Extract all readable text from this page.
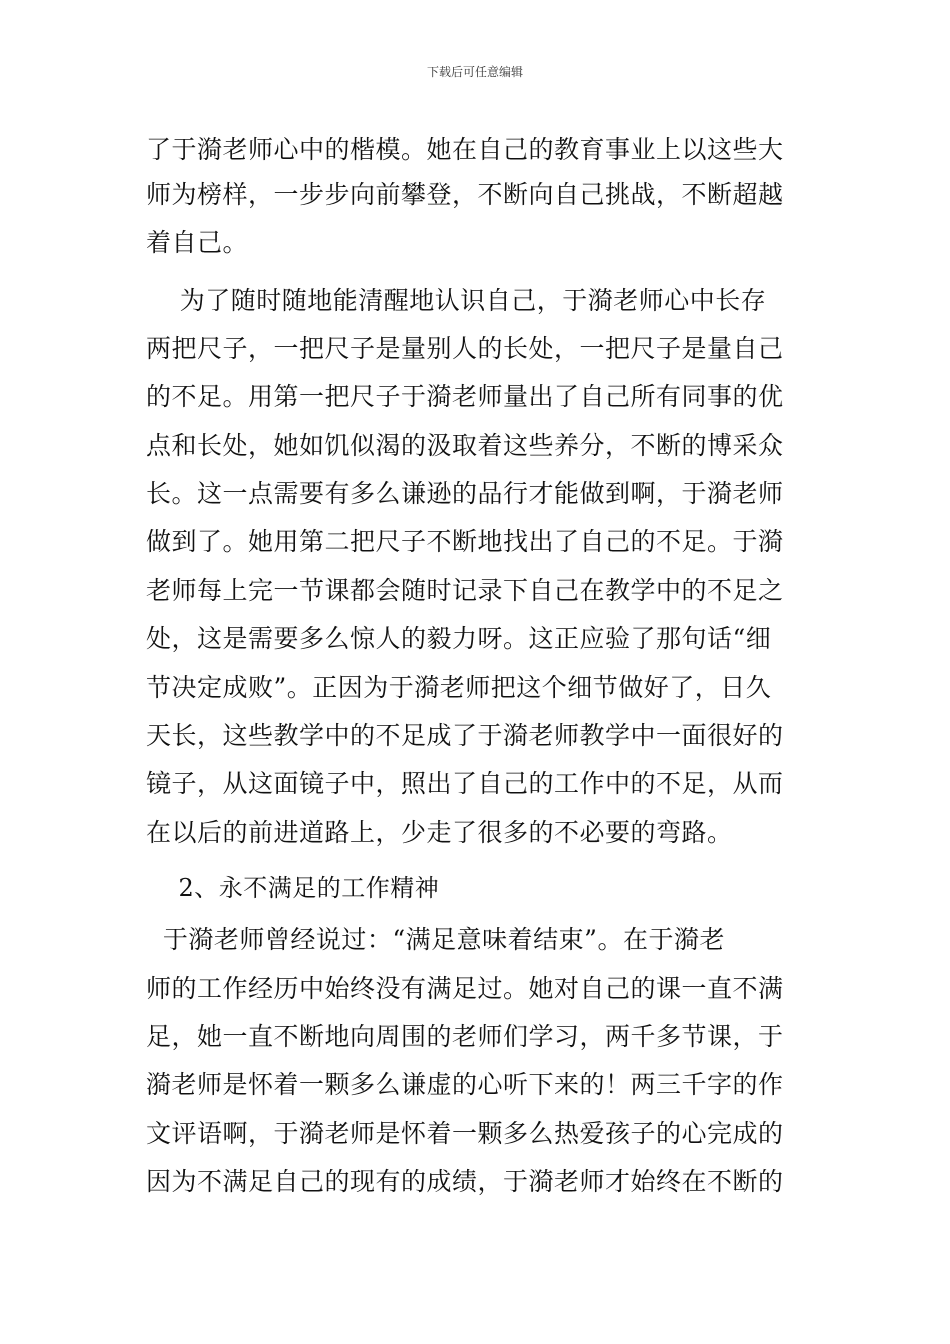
下载后可任意编辑
了于漪老师心中的楷模。她在自己的教育事业上以这些大
师为榜样，一步步向前攀登，不断向自己挑战，不断超越
着自己。
为了随时随地能清醒地认识自己，于漪老师心中长存
两把尺子，一把尺子是量别人的长处，一把尺子是量自己
的不足。用第一把尺子于漪老师量出了自己所有同事的优
点和长处，她如饥似渴的汲取着这些养分，不断的博采众
长。这一点需要有多么谦逊的品行才能做到啊，于漪老师
做到了。她用第二把尺子不断地找出了自己的不足。于漪
老师每上完一节课都会随时记录下自己在教学中的不足之
处，这是需要多么惊人的毅力呀。这正应验了那句话“细
节决定成败”。正因为于漪老师把这个细节做好了，日久
天长，这些教学中的不足成了于漪老师教学中一面很好的
镜子，从这面镜子中，照出了自己的工作中的不足，从而
在以后的前进道路上，少走了很多的不必要的弯路。
2、永不满足的工作精神
于漪老师曾经说过：“满足意味着结束”。在于漪老
师的工作经历中始终没有满足过。她对自己的课一直不满
足，她一直不断地向周围的老师们学习，两千多节课，于
漪老师是怀着一颗多么谦虚的心听下来的！两三千字的作
文评语啊，于漪老师是怀着一颗多么热爱孩子的心完成的
因为不满足自己的现有的成绩，于漪老师才始终在不断的
